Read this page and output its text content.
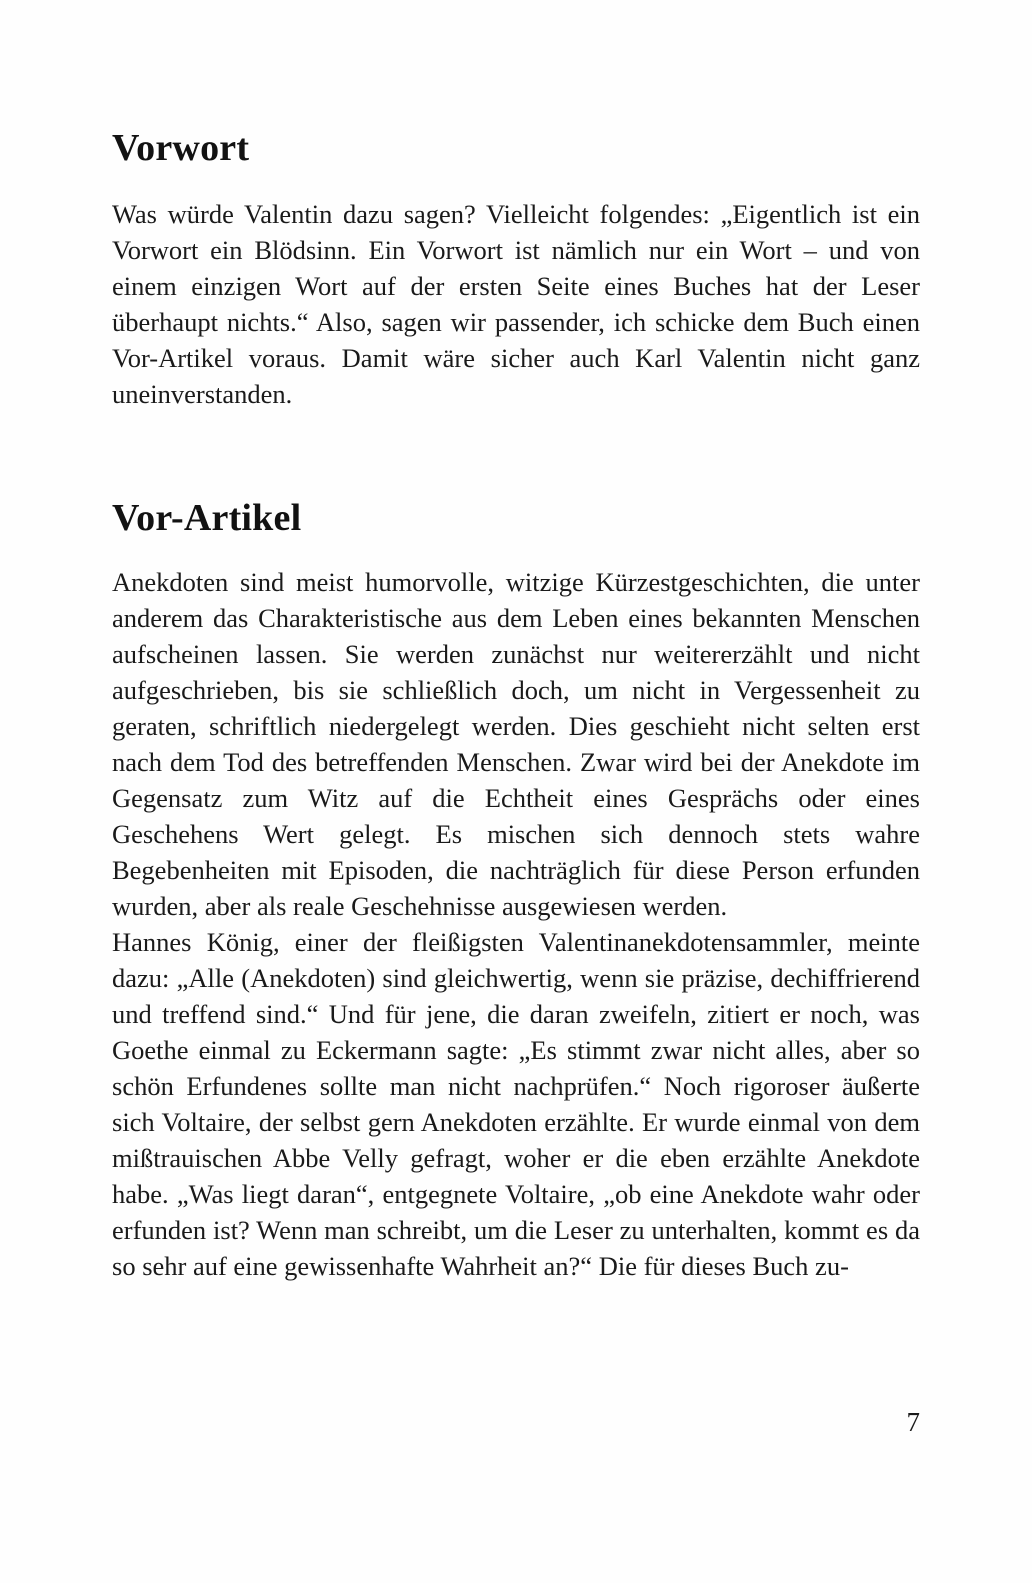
Vorwort

Was würde Valentin dazu sagen? Vielleicht folgendes: „Eigentlich ist ein Vorwort ein Blödsinn. Ein Vorwort ist nämlich nur ein Wort – und von einem einzigen Wort auf der ersten Seite eines Buches hat der Leser überhaupt nichts.“ Also, sagen wir passender, ich schicke dem Buch einen Vor-Artikel voraus. Damit wäre sicher auch Karl Valentin nicht ganz uneinverstanden.

Vor-Artikel

Anekdoten sind meist humorvolle, witzige Kürzestgeschichten, die unter anderem das Charakteristische aus dem Leben eines bekannten Menschen aufscheinen lassen. Sie werden zunächst nur weitererzählt und nicht aufgeschrieben, bis sie schließlich doch, um nicht in Vergessenheit zu geraten, schriftlich niedergelegt werden. Dies geschieht nicht selten erst nach dem Tod des betreffenden Menschen. Zwar wird bei der Anekdote im Gegensatz zum Witz auf die Echtheit eines Gesprächs oder eines Geschehens Wert gelegt. Es mischen sich dennoch stets wahre Begebenheiten mit Episoden, die nachträglich für diese Person erfunden wurden, aber als reale Geschehnisse ausgewiesen werden.

Hannes König, einer der fleißigsten Valentinanekdotensammler, meinte dazu: „Alle (Anekdoten) sind gleichwertig, wenn sie präzise, dechiffrierend und treffend sind.“ Und für jene, die daran zweifeln, zitiert er noch, was Goethe einmal zu Eckermann sagte: „Es stimmt zwar nicht alles, aber so schön Erfundenes sollte man nicht nachprüfen.“ Noch rigoroser äußerte sich Voltaire, der selbst gern Anekdoten erzählte. Er wurde einmal von dem mißtrauischen Abbe Velly gefragt, woher er die eben erzählte Anekdote habe. „Was liegt daran“, entgegnete Voltaire, „ob eine Anekdote wahr oder erfunden ist? Wenn man schreibt, um die Leser zu unterhalten, kommt es da so sehr auf eine gewissenhafte Wahrheit an?“ Die für dieses Buch zu-

7
